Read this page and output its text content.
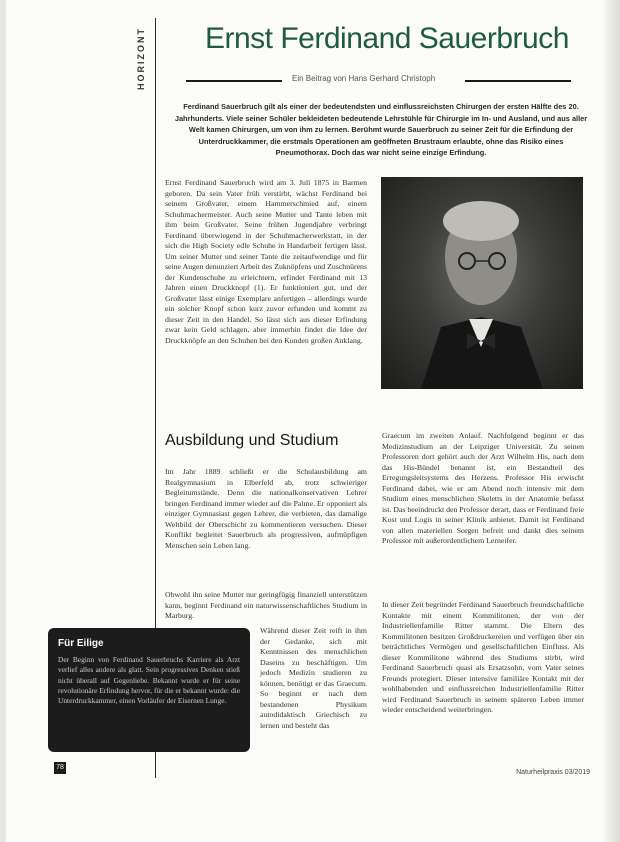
HORIZONT Ernst Ferdinand Sauerbruch
Ein Beitrag von Hans Gerhard Christoph
Ferdinand Sauerbruch gilt als einer der bedeutendsten und einflussreichsten Chirurgen der ersten Hälfte des 20. Jahrhunderts. Viele seiner Schüler bekleideten bedeutende Lehrstühle für Chirurgie im In- und Ausland, und aus aller Welt kamen Chirurgen, um von ihm zu lernen. Berühmt wurde Sauerbruch zu seiner Zeit für die Erfindung der Unterdruckkammer, die erstmals Operationen am geöffneten Brustraum erlaubte, ohne das Risiko eines Pneumothorax. Doch das war nicht seine einzige Erfindung.

Ernst Ferdinand Sauerbruch wird am 3. Juli 1875 in Barmen geboren. Da sein Vater früh verstirbt, wächst Ferdinand bei seinem Großvater, einem Hammerschmied auf, einem Schuhmachermeister. Auch seine Mutter und Tante leben mit ihm beim Großvater. Seine frühen Jugendjahre verbringt Ferdinand überwiegend in der Schuhmacherwerkstatt, in der sich die High Society edle Schuhe in Handarbeit fertigen lässt. Um seiner Mutter und seiner Tante die zeitaufwendige und für seine Augen denunziert Arbeit des Zuknöpfens und Zuschnürens der Kundenschuhe zu erleichtern, erfindet Ferdinand mit 13 Jahren einen Druckknopf (1). Er funktioniert gut, und der Großvater lässt einige Exemplare anfertigen – allerdings wurde ein solcher Knopf schon kurz zuvor erfunden und kommt zu dieser Zeit in den Handel. So lässt sich aus dieser Erfindung zwar kein Geld schlagen, aber immerhin findet die Idee der Druckknöpfe an den Schuhen bei den Kunden großen Anklang.

Ausbildung und Studium

Im Jahr 1889 schließt er die Schulausbildung am Realgymnasium in Elberfeld ab, trotz schwieriger Begleitumstände. Denn die nationalkonservativen Lehrer bringen Ferdinand immer wieder auf die Palme. Er opponiert als einziger Gymnasiast gegen Lehrer, die verbieten, das damalige Weltbild der Oberschicht zu kommentieren versuchen. Dieser Konflikt begleitet Sauerbruch als progressiven, aufmüpfigen Menschen sein Leben lang.

Obwohl ihn seine Mutter nur geringfügig finanziell unterstützen kann, beginnt Ferdinand ein naturwissenschaftliches Studium in Marburg.

Während dieser Zeit reift in ihm der Gedanke, sich mit Kenntnissen des menschlichen Daseins zu beschäftigen. Um jedoch Medizin studieren zu können, benötigt er das Graecum. So beginnt er nach dem bestandenen Physikum autodidaktisch Griechisch zu lernen und besteht das

Graecum im zweiten Anlauf. Nachfolgend beginnt er das Medizinstudium an der Leipziger Universität. Zu seinen Professoren dort gehört auch der Arzt Wilhelm His, nach dem das His-Bündel benannt ist, ein Bestandteil des Erregungsleitsystems des Herzens. Professor His erwischt Ferdinand dabei, wie er am Abend noch intensiv mit dem Studium eines menschlichen Skeletts in der Anatomie befasst ist. Das beeindruckt den Professor derart, dass er Ferdinand freie Kost und Logis in seiner Klinik anbietet. Damit ist Ferdinand von allen materiellen Sorgen befreit und dankt dies seinem Professor mit außerordentlichem Lerneifer.

In dieser Zeit begründet Ferdinand Sauerbruch freundschaftliche Kontakte mit einem Kommilitonen, der von der Industriellenfamilie Ritter stammt. Die Eltern des Kommilitonen besitzen Großdruckereien und verfügen über ein beträchtliches Vermögen und gesellschaftlichen Einfluss. Als dieser Kommilitone während des Studiums stirbt, wird Ferdinand Sauerbruch quasi als Ersatzsohn, vom Vater seines Freunds protegiert. Dieser intensive familiäre Kontakt mit der wohlhabenden und einflussreichen Industriellenfamilie Ritter wird Ferdinand Sauerbruch in seinem späteren Leben immer wieder entscheidend weiterbringen.

Für Eilige

Der Beginn von Ferdinand Sauerbruchs Karriere als Arzt verlief alles andere als glatt. Sein progressives Denken stieß nicht überall auf Gegenliebe. Bekannt wurde er für seine revolutionäre Erfindung hervor, für die er bekannt wurde: die Unterdruckkammer, einen Vorläufer der Eisernen Lunge.

78
Naturheilpraxis 03/2019
